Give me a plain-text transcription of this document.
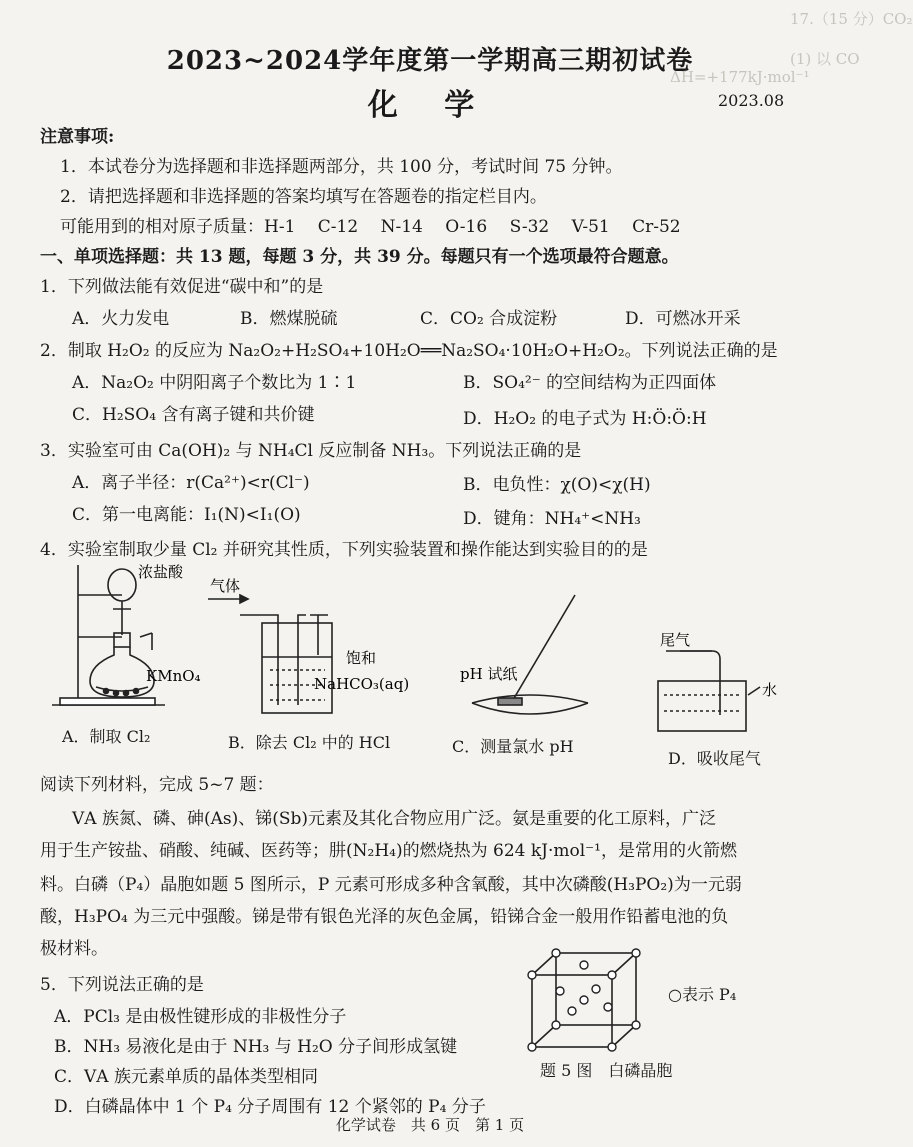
17.（15 分）CO₂
(1) 以 CO
ΔH=+177kJ·mol⁻¹
2023~2024学年度第一学期高三期初试卷
化 学	2023.08
注意事项:
1．本试卷分为选择题和非选择题两部分，共 100 分，考试时间 75 分钟。
2．请把选择题和非选择题的答案均填写在答题卷的指定栏目内。
可能用到的相对原子质量：H-1　 C-12　 N-14　 O-16　 S-32　 V-51　 Cr-52
一、单项选择题：共 13 题，每题 3 分，共 39 分。每题只有一个选项最符合题意。
1．下列做法能有效促进“碳中和”的是
A．火力发电	B．燃煤脱硫	C．CO₂ 合成淀粉	D．可燃冰开采
2．制取 H₂O₂ 的反应为 Na₂O₂+H₂SO₄+10H₂O══Na₂SO₄·10H₂O+H₂O₂。下列说法正确的是
A．Na₂O₂ 中阴阳离子个数比为 1∶1	B．SO₄²⁻ 的空间结构为正四面体
C．H₂SO₄ 含有离子键和共价键	D．H₂O₂ 的电子式为 H:Ö:Ö:H
3．实验室可由 Ca(OH)₂ 与 NH₄Cl 反应制备 NH₃。下列说法正确的是
A．离子半径：r(Ca²⁺)<r(Cl⁻)	B．电负性：χ(O)<χ(H)
C．第一电离能：I₁(N)<I₁(O)	D．键角：NH₄⁺<NH₃
4．实验室制取少量 Cl₂ 并研究其性质，下列实验装置和操作能达到实验目的的是
浓盐酸
KMnO₄
气体
饱和
NaHCO₃(aq)
pH 试纸
尾气
水
A．制取 Cl₂	B．除去 Cl₂ 中的 HCl	C．测量氯水 pH
D．吸收尾气
阅读下列材料，完成 5~7 题：
ⅤA 族氮、磷、砷(As)、锑(Sb)元素及其化合物应用广泛。氨是重要的化工原料，广泛
用于生产铵盐、硝酸、纯碱、医药等；肼(N₂H₄)的燃烧热为 624 kJ·mol⁻¹，是常用的火箭燃
料。白磷（P₄）晶胞如题 5 图所示，P 元素可形成多种含氧酸，其中次磷酸(H₃PO₂)为一元弱
酸，H₃PO₄ 为三元中强酸。锑是带有银色光泽的灰色金属，铅锑合金一般用作铅蓄电池的负
极材料。
5．下列说法正确的是
A．PCl₃ 是由极性键形成的非极性分子
B．NH₃ 易液化是由于 NH₃ 与 H₂O 分子间形成氢键
C．ⅤA 族元素单质的晶体类型相同
D．白磷晶体中 1 个 P₄ 分子周围有 12 个紧邻的 P₄ 分子
○表示 P₄
题 5 图　白磷晶胞
化学试卷　共 6 页　第 1 页
